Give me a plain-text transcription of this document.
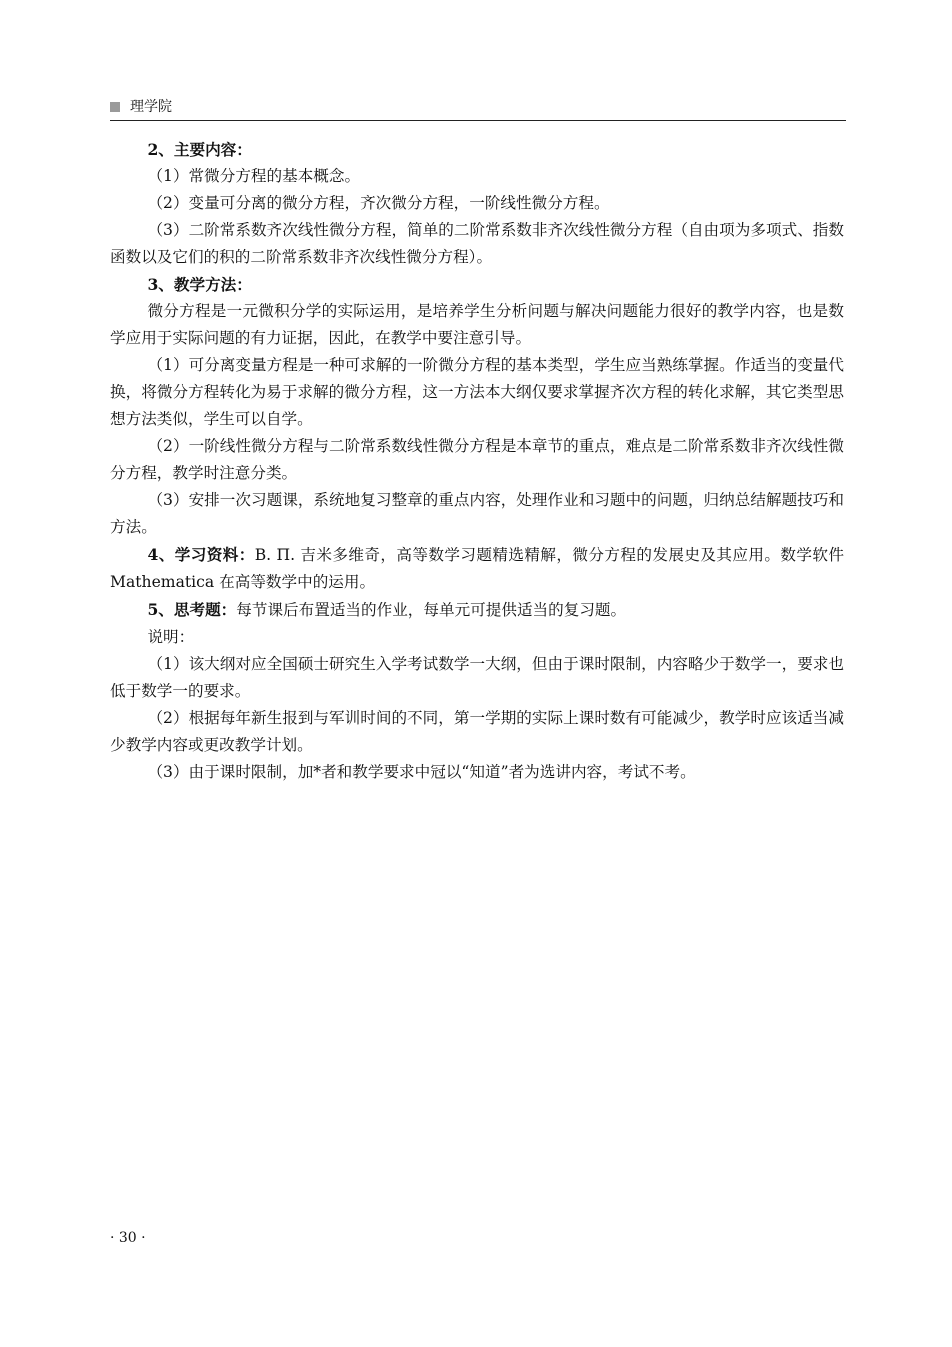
理学院

2、主要内容：

（1）常微分方程的基本概念。

（2）变量可分离的微分方程，齐次微分方程，一阶线性微分方程。

（3）二阶常系数齐次线性微分方程，简单的二阶常系数非齐次线性微分方程（自由项为多项式、指数函数以及它们的积的二阶常系数非齐次线性微分方程）。

3、教学方法：

微分方程是一元微积分学的实际运用，是培养学生分析问题与解决问题能力很好的教学内容，也是数学应用于实际问题的有力证据，因此，在教学中要注意引导。

（1）可分离变量方程是一种可求解的一阶微分方程的基本类型，学生应当熟练掌握。作适当的变量代换，将微分方程转化为易于求解的微分方程，这一方法本大纲仅要求掌握齐次方程的转化求解，其它类型思想方法类似，学生可以自学。

（2）一阶线性微分方程与二阶常系数线性微分方程是本章节的重点，难点是二阶常系数非齐次线性微分方程，教学时注意分类。

（3）安排一次习题课，系统地复习整章的重点内容，处理作业和习题中的问题，归纳总结解题技巧和方法。

4、学习资料：B. П. 吉米多维奇，高等数学习题精选精解，微分方程的发展史及其应用。数学软件 Mathematica 在高等数学中的运用。

5、思考题：每节课后布置适当的作业，每单元可提供适当的复习题。

说明：

（1）该大纲对应全国硕士研究生入学考试数学一大纲，但由于课时限制，内容略少于数学一，要求也低于数学一的要求。

（2）根据每年新生报到与军训时间的不同，第一学期的实际上课时数有可能减少，教学时应该适当减少教学内容或更改教学计划。

（3）由于课时限制，加*者和教学要求中冠以“知道”者为选讲内容，考试不考。

· 30 ·
